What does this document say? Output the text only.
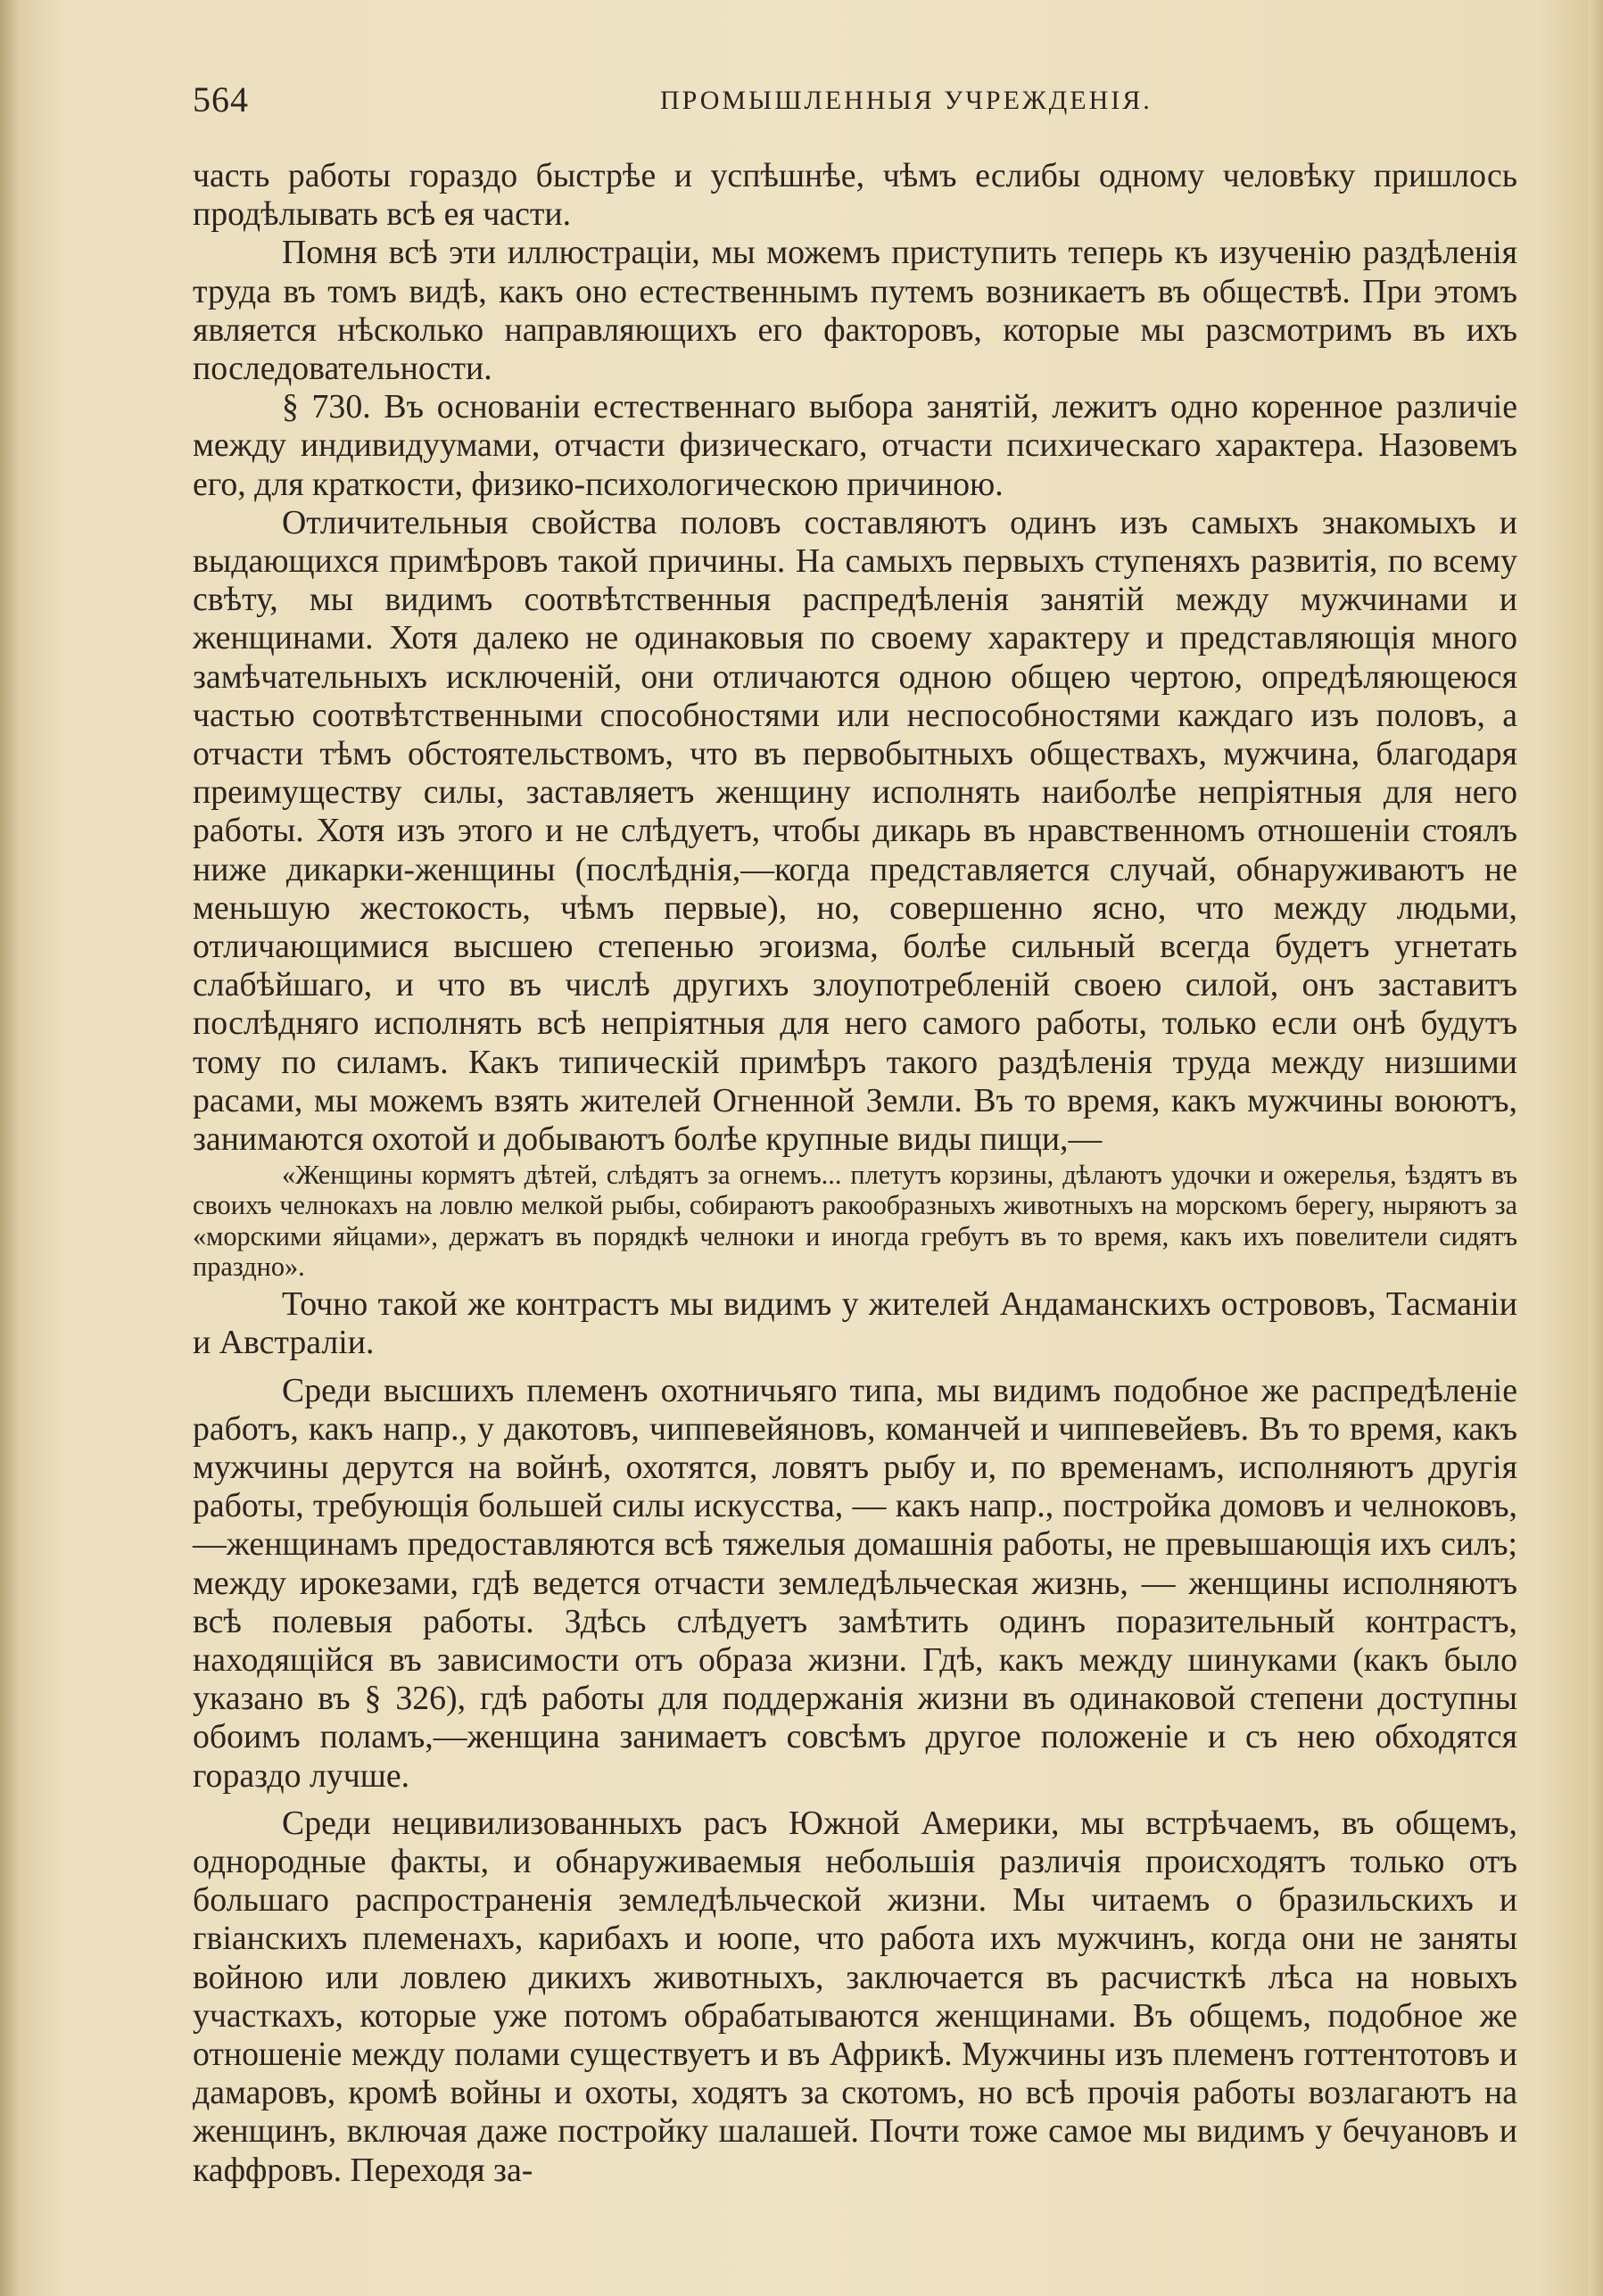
564	ПРОМЫШЛЕННЫЯ УЧРЕЖДЕНІЯ.

часть работы гораздо быстрѣе и успѣшнѣе, чѣмъ еслибы одному человѣку пришлось продѣлывать всѣ ея части.

Помня всѣ эти иллюстраціи, мы можемъ приступить теперь къ изученію раздѣленія труда въ томъ видѣ, какъ оно естественнымъ путемъ возникаетъ въ обществѣ. При этомъ является нѣсколько направляющихъ его факторовъ, которые мы разсмотримъ въ ихъ последовательности.

§ 730. Въ основаніи естественнаго выбора занятій, лежитъ одно коренное различіе между индивидуумами, отчасти физическаго, отчасти психическаго характера. Назовемъ его, для краткости, физико-психологическою причиною.

Отличительныя свойства половъ составляютъ одинъ изъ самыхъ знакомыхъ и выдающихся примѣровъ такой причины. На самыхъ первыхъ ступеняхъ развитія, по всему свѣту, мы видимъ соотвѣтственныя распредѣленія занятій между мужчинами и женщинами. Хотя далеко не одинаковыя по своему характеру и представляющія много замѣчательныхъ исключеній, они отличаются одною общею чертою, опредѣляющеюся частью соотвѣтственными способностями или неспособностями каждаго изъ половъ, а отчасти тѣмъ обстоятельствомъ, что въ первобытныхъ обществахъ, мужчина, благодаря преимуществу силы, заставляетъ женщину исполнять наиболѣе непріятныя для него работы. Хотя изъ этого и не слѣдуетъ, чтобы дикарь въ нравственномъ отношеніи стоялъ ниже дикарки-женщины (послѣднія,—когда представляется случай, обнаруживаютъ не меньшую жестокость, чѣмъ первые), но, совершенно ясно, что между людьми, отличающимися высшею степенью эгоизма, болѣе сильный всегда будетъ угнетать слабѣйшаго, и что въ числѣ другихъ злоупотребленій своею силой, онъ заставитъ послѣдняго исполнять всѣ непріятныя для него самого работы, только если онѣ будутъ тому по силамъ. Какъ типическій примѣръ такого раздѣленія труда между низшими расами, мы можемъ взять жителей Огненной Земли. Въ то время, какъ мужчины воюютъ, занимаются охотой и добываютъ болѣе крупные виды пищи,—

«Женщины кормятъ дѣтей, слѣдятъ за огнемъ... плетутъ корзины, дѣлаютъ удочки и ожерелья, ѣздятъ въ своихъ челнокахъ на ловлю мелкой рыбы, собираютъ ракообразныхъ животныхъ на морскомъ берегу, ныряютъ за «морскими яйцами», держатъ въ порядкѣ челноки и иногда гребутъ въ то время, какъ ихъ повелители сидятъ праздно».

Точно такой же контрастъ мы видимъ у жителей Андаманскихъ острововъ, Тасманіи и Австраліи.

Среди высшихъ племенъ охотничьяго типа, мы видимъ подобное же распредѣленіе работъ, какъ напр., у дакотовъ, чиппевейяновъ, команчей и чиппевейевъ. Въ то время, какъ мужчины дерутся на войнѣ, охотятся, ловятъ рыбу и, по временамъ, исполняютъ другія работы, требующія большей силы искусства, — какъ напр., постройка домовъ и челноковъ,—женщинамъ предоставляются всѣ тяжелыя домашнія работы, не превышающія ихъ силъ; между ирокезами, гдѣ ведется отчасти земледѣльческая жизнь, — женщины исполняютъ всѣ полевыя работы. Здѣсь слѣдуетъ замѣтить одинъ поразительный контрастъ, находящійся въ зависимости отъ образа жизни. Гдѣ, какъ между шинуками (какъ было указано въ § 326), гдѣ работы для поддержанія жизни въ одинаковой степени доступны обоимъ поламъ,—женщина занимаетъ совсѣмъ другое положеніе и съ нею обходятся гораздо лучше.

Среди нецивилизованныхъ расъ Южной Америки, мы встрѣчаемъ, въ общемъ, однородные факты, и обнаруживаемыя небольшія различія происходятъ только отъ большаго распространенія земледѣльческой жизни. Мы читаемъ о бразильскихъ и гвіанскихъ племенахъ, карибахъ и юопе, что работа ихъ мужчинъ, когда они не заняты войною или ловлею дикихъ животныхъ, заключается въ расчисткѣ лѣса на новыхъ участкахъ, которые уже потомъ обрабатываются женщинами. Въ общемъ, подобное же отношеніе между полами существуетъ и въ Африкѣ. Мужчины изъ племенъ готтентотовъ и дамаровъ, кромѣ войны и охоты, ходятъ за скотомъ, но всѣ прочія работы возлагаютъ на женщинъ, включая даже постройку шалашей. Почти тоже самое мы видимъ у бечуановъ и каффровъ. Переходя за-
